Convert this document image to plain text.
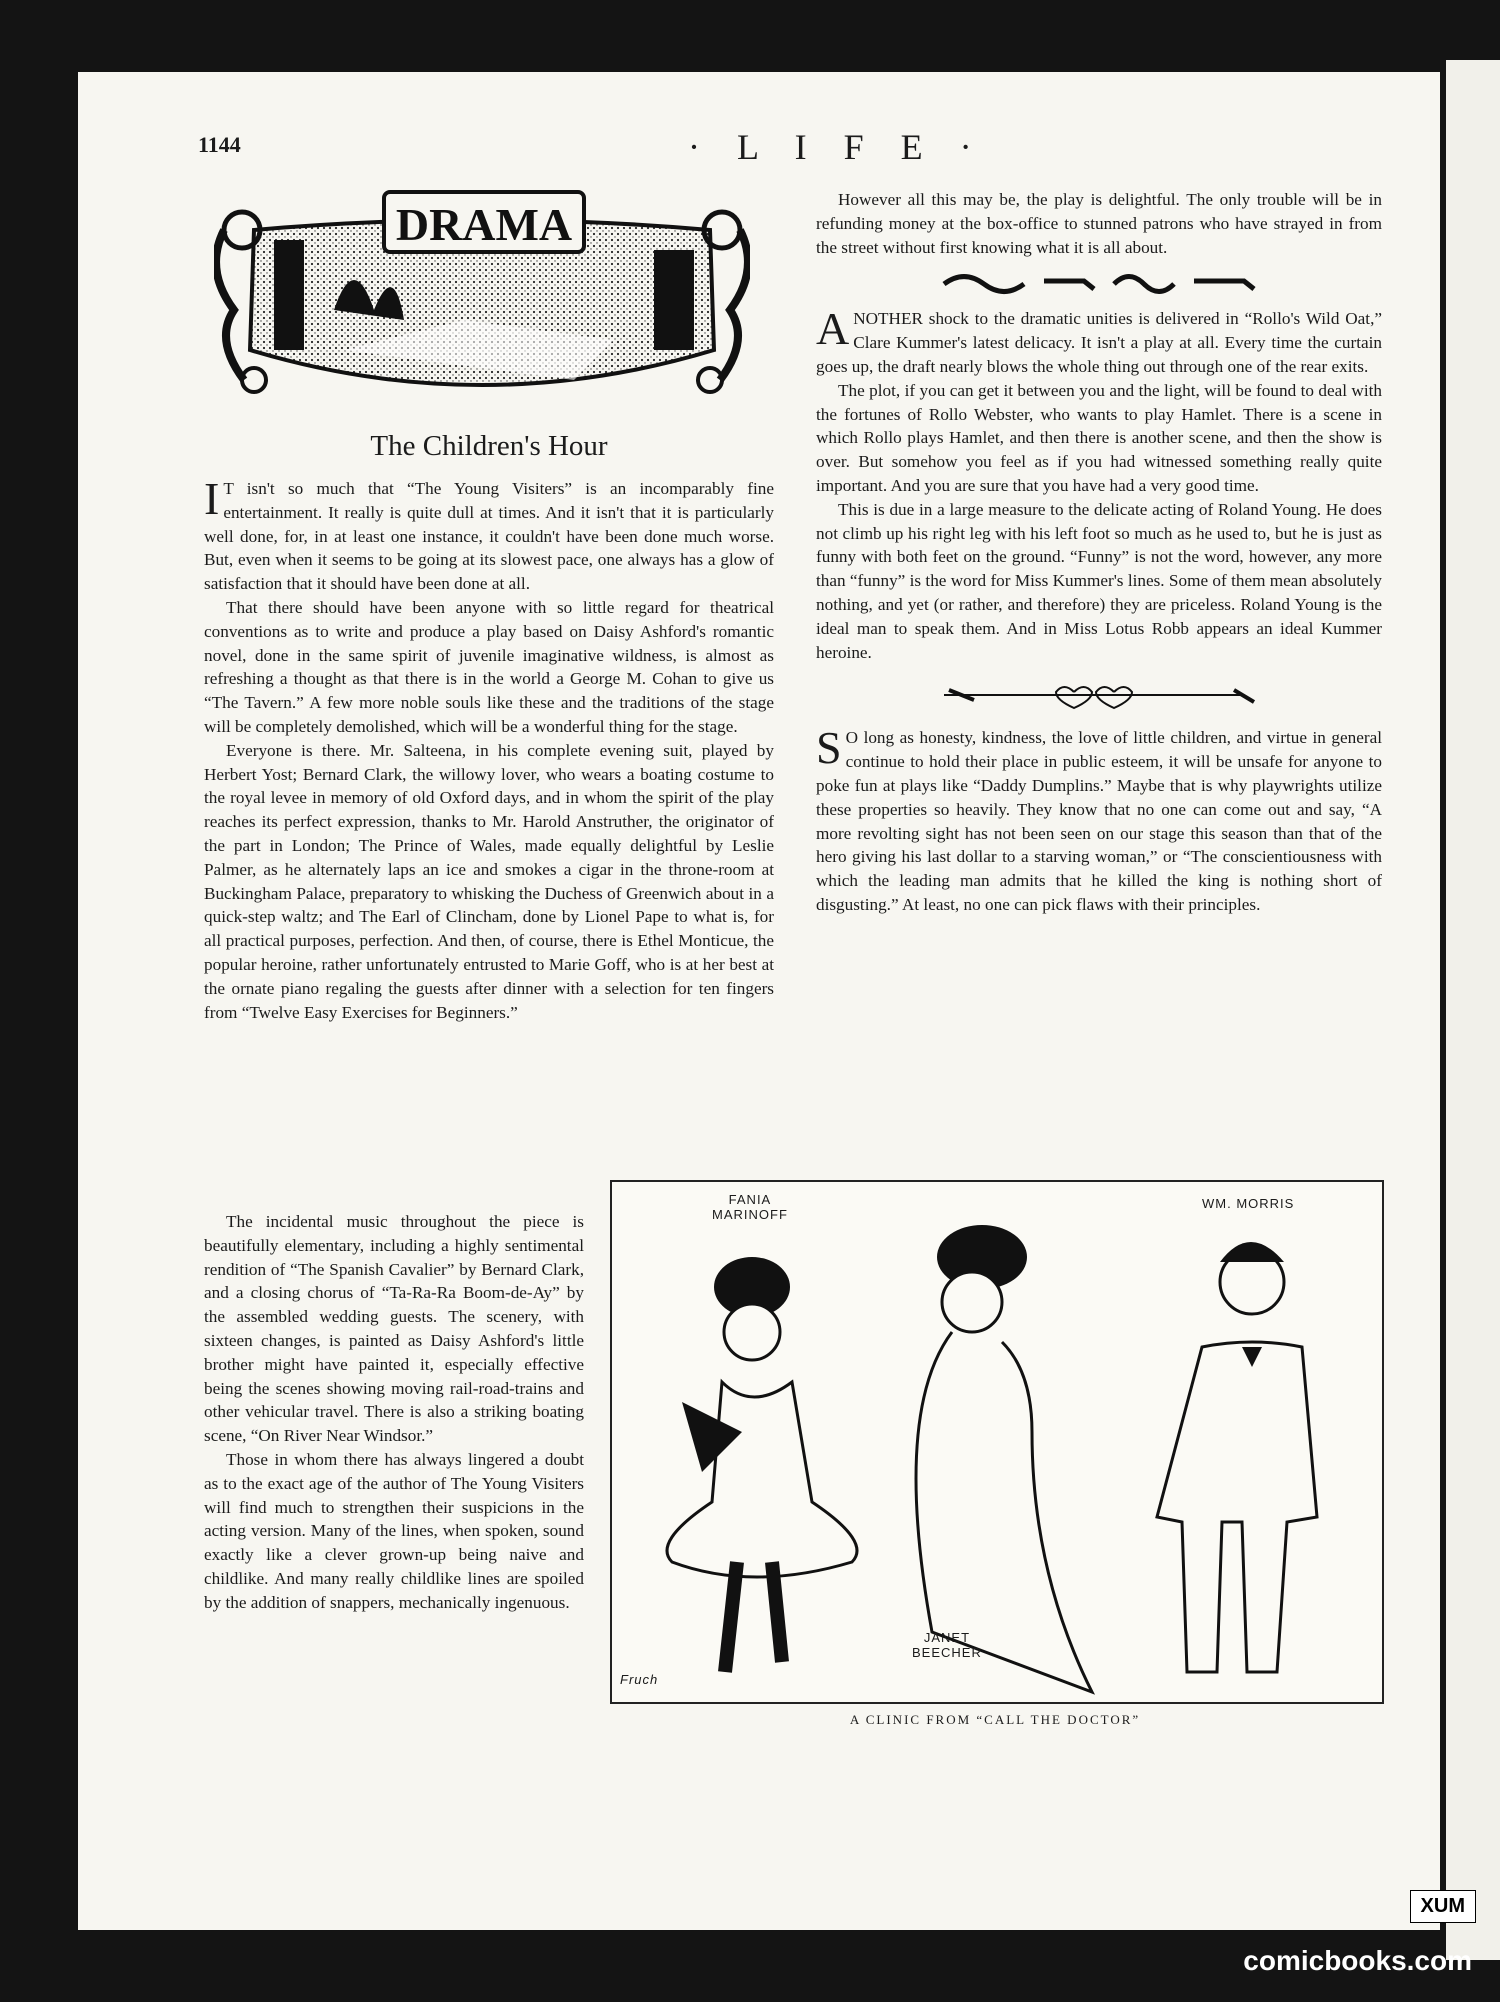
1144	· L I F E ·
DRAMA
The Children's Hour

I T isn't so much that “The Young Visiters” is an incomparably fine entertainment. It really is quite dull at times. And it isn't that it is particularly well done, for, in at least one instance, it couldn't have been done much worse. But, even when it seems to be going at its slowest pace, one always has a glow of satisfaction that it should have been done at all.

That there should have been anyone with so little regard for theatrical conventions as to write and produce a play based on Daisy Ashford's romantic novel, done in the same spirit of juvenile imaginative wildness, is almost as refreshing a thought as that there is in the world a George M. Cohan to give us “The Tavern.” A few more noble souls like these and the traditions of the stage will be completely demolished, which will be a wonderful thing for the stage.

Everyone is there. Mr. Salteena, in his complete evening suit, played by Herbert Yost; Bernard Clark, the willowy lover, who wears a boating costume to the royal levee in memory of old Oxford days, and in whom the spirit of the play reaches its perfect expression, thanks to Mr. Harold Anstruther, the originator of the part in London; The Prince of Wales, made equally delightful by Leslie Palmer, as he alternately laps an ice and smokes a cigar in the throne-room at Buckingham Palace, preparatory to whisking the Duchess of Greenwich about in a quick-step waltz; and The Earl of Clincham, done by Lionel Pape to what is, for all practical purposes, perfection. And then, of course, there is Ethel Monticue, the popular heroine, rather unfortunately entrusted to Marie Goff, who is at her best at the ornate piano regaling the guests after dinner with a selection for ten fingers from “Twelve Easy Exercises for Beginners.”

The incidental music throughout the piece is beautifully elementary, including a highly sentimental rendition of “The Spanish Cavalier” by Bernard Clark, and a closing chorus of “Ta-Ra-Ra Boom-de-Ay” by the assembled wedding guests. The scenery, with sixteen changes, is painted as Daisy Ashford's little brother might have painted it, especially effective being the scenes showing moving rail-road-trains and other vehicular travel. There is also a striking boating scene, “On River Near Windsor.”

Those in whom there has always lingered a doubt as to the exact age of the author of The Young Visiters will find much to strengthen their suspicions in the acting version. Many of the lines, when spoken, sound exactly like a clever grown-up being naive and childlike. And many really childlike lines are spoiled by the addition of snappers, mechanically ingenuous.

However all this may be, the play is delightful. The only trouble will be in refunding money at the box-office to stunned patrons who have strayed in from the street without first knowing what it is all about.

ANOTHER shock to the dramatic unities is delivered in “Rollo's Wild Oat,” Clare Kummer's latest delicacy. It isn't a play at all. Every time the curtain goes up, the draft nearly blows the whole thing out through one of the rear exits.

The plot, if you can get it between you and the light, will be found to deal with the fortunes of Rollo Webster, who wants to play Hamlet. There is a scene in which Rollo plays Hamlet, and then there is another scene, and then the show is over. But somehow you feel as if you had witnessed something really quite important. And you are sure that you have had a very good time.

This is due in a large measure to the delicate acting of Roland Young. He does not climb up his right leg with his left foot so much as he used to, but he is just as funny with both feet on the ground. “Funny” is not the word, however, any more than “funny” is the word for Miss Kummer's lines. Some of them mean absolutely nothing, and yet (or rather, and therefore) they are priceless. Roland Young is the ideal man to speak them. And in Miss Lotus Robb appears an ideal Kummer heroine.

S O long as honesty, kindness, the love of little children, and virtue in general continue to hold their place in public esteem, it will be unsafe for anyone to poke fun at plays like “Daddy Dumplins.” Maybe that is why playwrights utilize these properties so heavily. They know that no one can come out and say, “A more revolting sight has not been seen on our stage this season than that of the hero giving his last dollar to a starving woman,” or “The conscientiousness with which the leading man admits that he killed the king is nothing short of disgusting.” At least, no one can pick flaws with their principles.

FANIA
MARINOFF
WM. MORRIS
JANET
BEECHER
Fruch
A CLINIC FROM “CALL THE DOCTOR”
XUM
comicbooks.com
